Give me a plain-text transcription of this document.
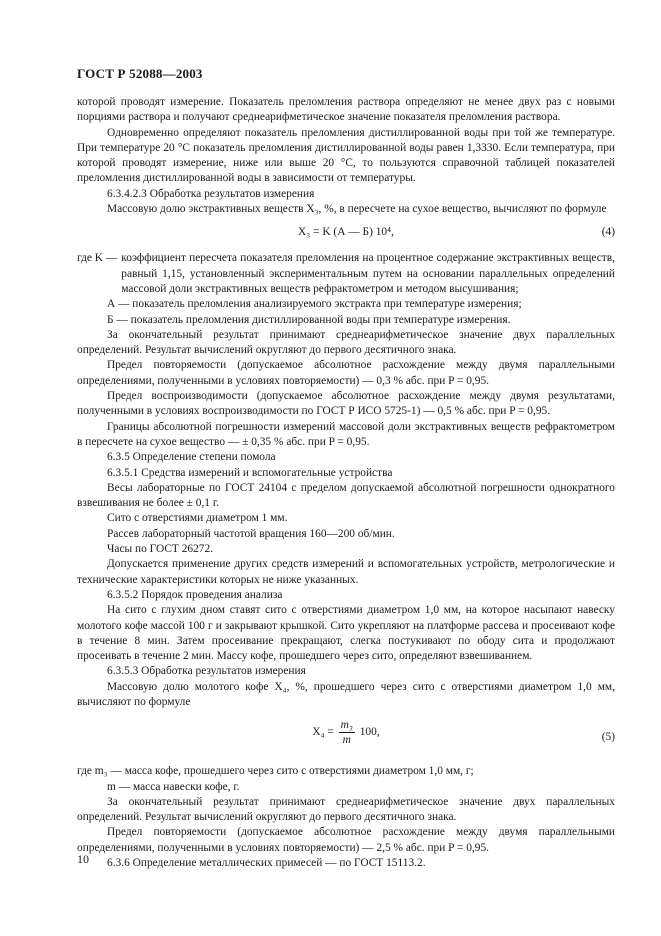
ГОСТ Р 52088—2003

которой проводят измерение. Показатель преломления раствора определяют не менее двух раз с новыми порциями раствора и получают среднеарифметическое значение показателя преломления раствора.

Одновременно определяют показатель преломления дистиллированной воды при той же температуре. При температуре 20 °С показатель преломления дистиллированной воды равен 1,3330. Если температура, при которой проводят измерение, ниже или выше 20 °С, то пользуются справочной таблицей показателей преломления дистиллированной воды в зависимости от температуры.

6.3.4.2.3 Обработка результатов измерения

Массовую долю экстрактивных веществ X₃, %, в пересчете на сухое вещество, вычисляют по формуле

X₃ = K (А — Б) 10⁴,	(4)
где K — коэффициент пересчета показателя преломления на процентное содержание экстрактивных веществ, равный 1,15, установленный экспериментальным путем на основании параллельных определений массовой доли экстрактивных веществ рефрактометром и методом высушивания;

А — показатель преломления анализируемого экстракта при температуре измерения;

Б — показатель преломления дистиллированной воды при температуре измерения.

За окончательный результат принимают среднеарифметическое значение двух параллельных определений. Результат вычислений округляют до первого десятичного знака.

Предел повторяемости (допускаемое абсолютное расхождение между двумя параллельными определениями, полученными в условиях повторяемости) — 0,3 % абс. при P = 0,95.

Предел воспроизводимости (допускаемое абсолютное расхождение между двумя результатами, полученными в условиях воспроизводимости по ГОСТ Р ИСО 5725-1) — 0,5 % абс. при P = 0,95.

Границы абсолютной погрешности измерений массовой доли экстрактивных веществ рефрактометром в пересчете на сухое вещество — ± 0,35 % абс. при P = 0,95.

6.3.5 Определение степени помола

6.3.5.1 Средства измерений и вспомогательные устройства

Весы лабораторные по ГОСТ 24104 с пределом допускаемой абсолютной погрешности однократного взвешивания не более ± 0,1 г.

Сито с отверстиями диаметром 1 мм.

Рассев лабораторный частотой вращения 160—200 об/мин.

Часы по ГОСТ 26272.

Допускается применение других средств измерений и вспомогательных устройств, метрологические и технические характеристики которых не ниже указанных.

6.3.5.2 Порядок проведения анализа

На сито с глухим дном ставят сито с отверстиями диаметром 1,0 мм, на которое насыпают навеску молотого кофе массой 100 г и закрывают крышкой. Сито укрепляют на платформе рассева и просеивают кофе в течение 8 мин. Затем просеивание прекращают, слегка постукивают по ободу сита и продолжают просеивать в течение 2 мин. Массу кофе, прошедшего через сито, определяют взвешиванием.

6.3.5.3 Обработка результатов измерения

Массовую долю молотого кофе X₄, %, прошедшего через сито с отверстиями диаметром 1,0 мм, вычисляют по формуле

$X_4 = \frac{\text{m₃}}{m} 100$,	(5)

где m₃ — масса кофе, прошедшего через сито с отверстиями диаметром 1,0 мм, г;

m — масса навески кофе, г.

За окончательный результат принимают среднеарифметическое значение двух параллельных определений. Результат вычислений округляют до первого десятичного знака.

Предел повторяемости (допускаемое абсолютное расхождение между двумя параллельными определениями, полученными в условиях повторяемости) — 2,5 % абс. при P = 0,95.

6.3.6 Определение металлических примесей — по ГОСТ 15113.2.

10
